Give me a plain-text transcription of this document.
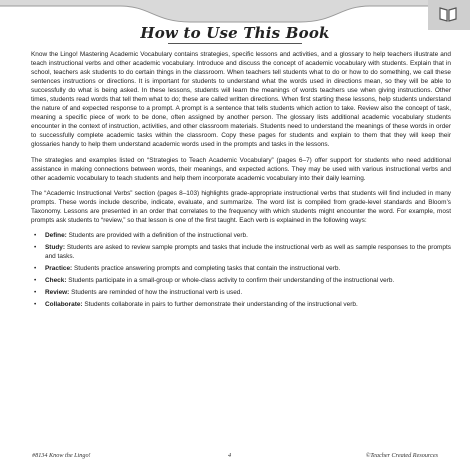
How to Use This Book

Know the Lingo! Mastering Academic Vocabulary contains strategies, specific lessons and activities, and a glossary to help teachers illustrate and teach instructional verbs and other academic vocabulary. Introduce and discuss the concept of academic vocabulary with students. Explain that in school, teachers ask students to do certain things in the classroom. When teachers tell students what to do or how to do something, we call these sentences instructions or directions. It is important for students to understand what the words used in directions mean, so they will be able to successfully do what is being asked. In these lessons, students will learn the meanings of words teachers use when giving instructions. Other times, students read words that tell them what to do; these are called written directions. When first starting these lessons, help students understand the nature of and expected response to a prompt. A prompt is a sentence that tells students which action to take. Review also the concept of task, meaning a specific piece of work to be done, often assigned by another person. The glossary lists additional academic vocabulary students encounter in the context of instruction, activities, and other classroom materials. Students need to understand the meanings of these words in order to successfully complete academic tasks within the classroom. Copy these pages for students and explain to them that they will keep their glossaries handy to help them understand academic words used in the prompts and tasks in the lessons.

The strategies and examples listed on “Strategies to Teach Academic Vocabulary” (pages 6–7) offer support for students who need additional assistance in making connections between words, their meanings, and expected actions. They may be used with various instructional verbs and other academic vocabulary to teach students and help them incorporate academic vocabulary into their daily learning.

The “Academic Instructional Verbs” section (pages 8–103) highlights grade-appropriate instructional verbs that students will find included in many prompts. These words include describe, indicate, evaluate, and summarize. The word list is compiled from grade-level standards and Bloom’s Taxonomy. Lessons are presented in an order that correlates to the frequency with which students might encounter the word. For example, most prompts ask students to “review,” so that lesson is one of the first taught. Each verb is explained in the following ways:

• Define: Students are provided with a definition of the instructional verb.
• Study: Students are asked to review sample prompts and tasks that include the instructional verb as well as sample responses to the prompts and tasks.
• Practice: Students practice answering prompts and completing tasks that contain the instructional verb.
• Check: Students participate in a small-group or whole-class activity to confirm their understanding of the instructional verb.
• Review: Students are reminded of how the instructional verb is used.
• Collaborate: Students collaborate in pairs to further demonstrate their understanding of the instructional verb.
#8134 Know the Lingo!	4	©Teacher Created Resources
